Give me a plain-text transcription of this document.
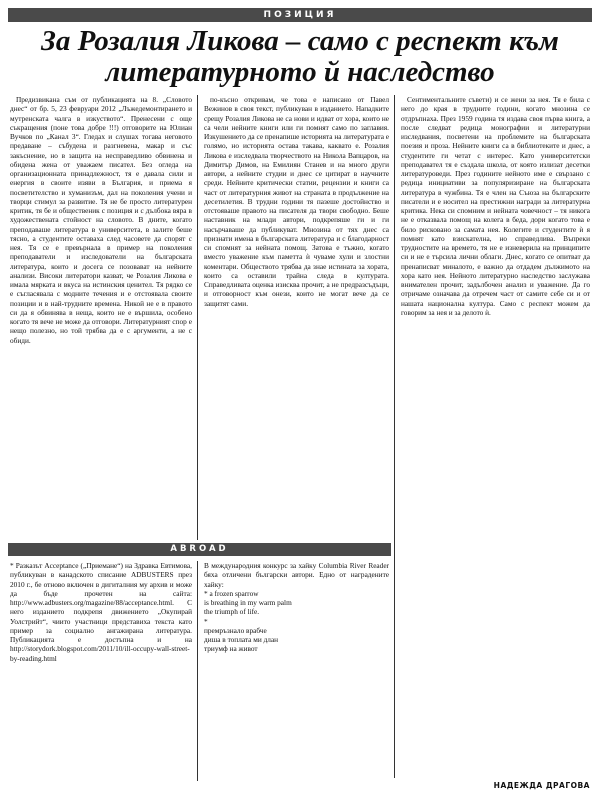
ПОЗИЦИЯ
За Розалия Ликова – само с респект към литературното й наследство

Предизвикана съм от публикацията на 8. „Словото днес“ от бр. 5, 23 февруари 2012 „Лъжедемонтирането и мутренската чалга в изкуството“. Пренесени с още съкращения (поне това добре !!!) отговорите на Юлиан Вучков по „Канал 3“. Гледах и слушах тогава неговото предаване – събудена и разгневена, макар и със закъснение, но в защита на несправедливо обвинена и обидена жена от уважаем писател. Без огледа на организационната принадлежност, тя е давала сили и енергия в своите изяви в България, и приема я посветителство и хуманизъм, дал на поколения учени и творци стимул за развитие. Тя не бе просто литературен критик, тя бе и общественик с позиция и с дълбока вяра в художествената стойност на словото. В дните, когато преподаваше литература в университета, в залите беше тясно, а студентите оставаха след часовете да спорят с нея. Тя се е превърнала в пример на поколения преподаватели и изследователи на българската литература, които и досега се позовават на нейните анализи. Високи литератори казват, че Розалия Ликова е имала мярката и вкуса на истинския ценител. Тя рядко се е съгласявала с модните течения и е отстоявала своите позиции и в най-трудните времена. Никой не е в правото си да я обвинява в неща, които не е вършила, особено когато тя вече не може да отговори. Литературният спор е нещо полезно, но той трябва да е с аргументи, а не с обиди.

по-късно откривам, че това е написано от Павел Вежинов в своя текст, публикуван в изданието. Нападките срещу Розалия Ликова не са нови и идват от хора, които не са чели нейните книги или ги помнят само по заглавия. Изкушението да се пренапише историята на литературата е голямо, но историята остава такава, каквато е. Розалия Ликова е изследвала творчеството на Никола Вапцаров, на Димитър Димов, на Емилиян Станев и на много други автори, а нейните студии и днес се цитират в научните среди. Нейните критически статии, рецензии и книги са част от литературния живот на страната в продължение на десетилетия. В трудни години тя пазеше достойнство и отстояваше правото на писателя да твори свободно. Беше наставник на млади автори, подкрепяше ги и ги насърчаваше да публикуват. Мнозина от тях днес са признати имена в българската литература и с благодарност си спомнят за нейната помощ. Затова е тъжно, когато вместо уважение към паметта ѝ чуваме хули и злостни коментари. Обществото трябва да знае истината за хората, които са оставили трайна следа в културата. Справедливата оценка изисква прочит, а не предразсъдъци, и отговорност към онези, които не могат вече да се защитят сами.

Сентиментальните съвети) и се жени за нея. Тя е била с него до края в трудните години, когато мнозина се отдръпнаха. През 1959 година тя издава своя първа книга, а после следват редица монографии и литературни изследвания, посветени на проблемите на българската поезия и проза. Нейните книги са в библиотеките и днес, а студентите ги четат с интерес. Като университетски преподавател тя е създала школа, от която излизат десетки литературоведи. През годините нейното име е свързано с редица инициативи за популяризиране на българската литература в чужбина. Тя е член на Съюза на българските писатели и е носител на престижни награди за литературна критика. Нека си спомним и нейната човечност – тя никога не е отказвала помощ на колега в беда, дори когато това е било рисковано за самата нея. Колегите и студентите ѝ я помнят като взискателна, но справедлива. Въпреки трудностите на времето, тя не е изневерила на принципите си и не е търсила лични облаги. Днес, когато се опитват да пренаписват миналото, е важно да отдадем дължимото на хора като нея. Нейното литературно наследство заслужава внимателен прочит, задълбочен анализ и уважение. Да го отричаме означава да отречем част от самите себе си и от нашата национална култура. Само с респект можем да говорим за нея и за делото ѝ.

ABROAD

* Разказът Acceptance („Приемане“) на Здравка Евтимова, публикуван в канадското списание ADBUSTERS през 2010 г., бе отново включен в дигиталния му архив и може да бъде прочетен на сайта: http://www.adbusters.org/magazine/88/acceptance.html. С него изданието подкрепя движението „Окупирай Уолстрийт“, чиито участници представиха текста като пример за социално ангажирана литература. Публикацията е достъпна и на http://storydork.blogspot.com/2011/10/ill-occupy-wall-street-by-reading.html

В международния конкурс за хайку Columbia River Reader бяха отличени български автори. Едно от наградените хайку:

* a frozen sparrow

is breathing in my warm palm

the triumph of life.

*

премръзнало врабче

диша в топлата ми длан

триумф на живот

НАДЕЖДА ДРАГОВА
